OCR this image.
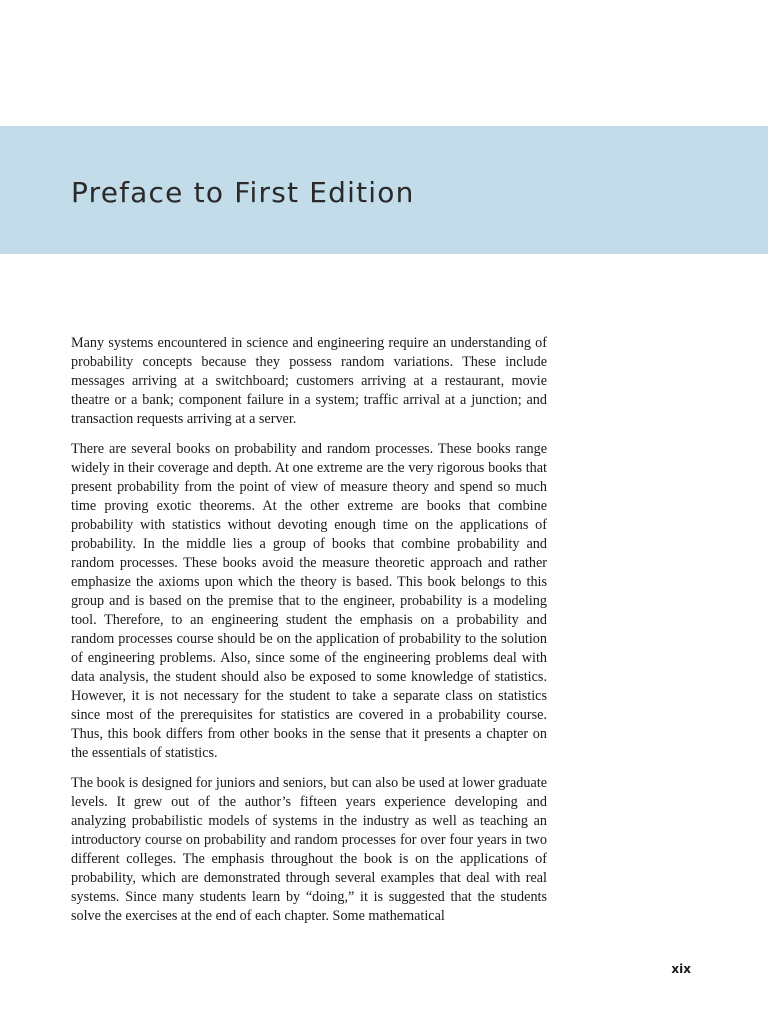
Preface to First Edition

Many systems encountered in science and engineering require an understanding of probability concepts because they possess random variations. These include messages arriving at a switchboard; customers arriving at a restaurant, movie theatre or a bank; component failure in a system; traffic arrival at a junction; and transaction requests arriving at a server.

There are several books on probability and random processes. These books range widely in their coverage and depth. At one extreme are the very rigorous books that present probability from the point of view of measure theory and spend so much time proving exotic theorems. At the other extreme are books that combine probability with statistics without devoting enough time on the applications of probability. In the middle lies a group of books that combine probability and random processes. These books avoid the measure theoretic approach and rather emphasize the axioms upon which the theory is based. This book belongs to this group and is based on the premise that to the engineer, probability is a modeling tool. Therefore, to an engineering student the emphasis on a probability and random processes course should be on the application of probability to the solution of engineering problems. Also, since some of the engineering problems deal with data analysis, the student should also be exposed to some knowledge of statistics. However, it is not necessary for the student to take a separate class on statistics since most of the prerequisites for statistics are covered in a probability course. Thus, this book differs from other books in the sense that it presents a chapter on the essentials of statistics.

The book is designed for juniors and seniors, but can also be used at lower graduate levels. It grew out of the author’s fifteen years experience developing and analyzing probabilistic models of systems in the industry as well as teaching an introductory course on probability and random processes for over four years in two different colleges. The emphasis throughout the book is on the applications of probability, which are demonstrated through several examples that deal with real systems. Since many students learn by “doing,” it is suggested that the students solve the exercises at the end of each chapter. Some mathematical

xix
